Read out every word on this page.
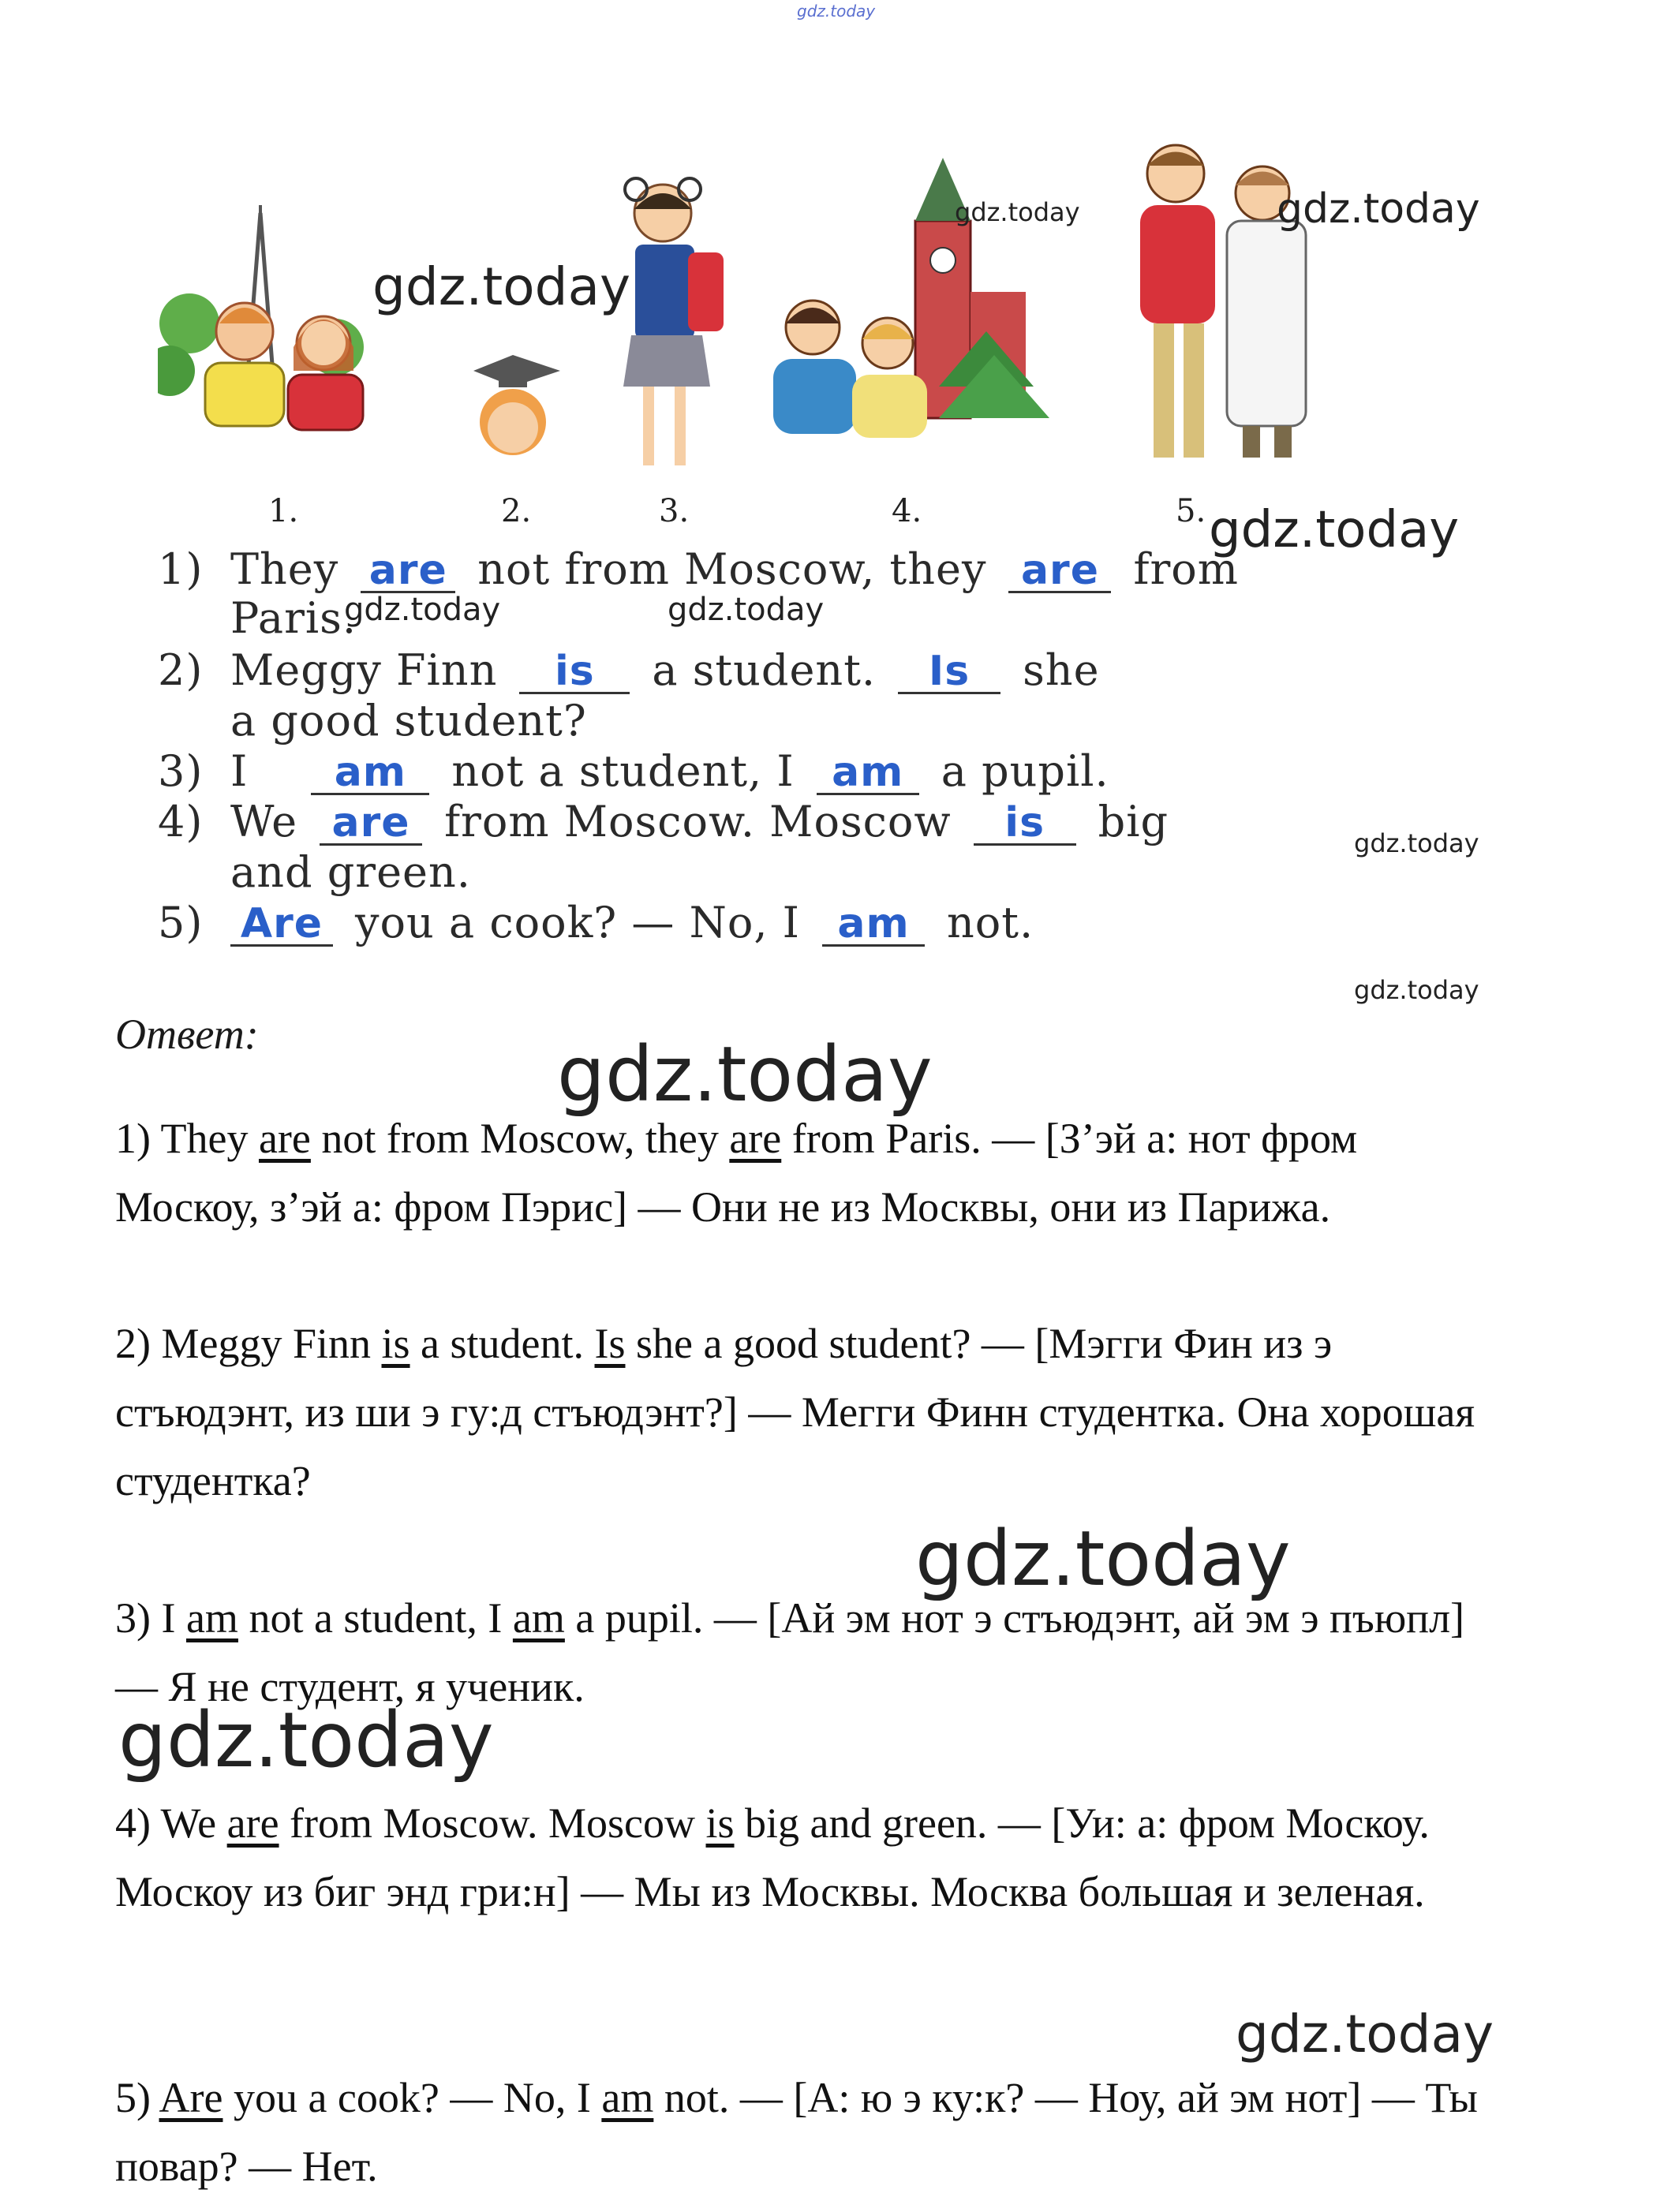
gdz.today
1.	2.	3.	4.	5.
gdz.today
gdz.today	gdz.today
gdz.today
1) They are not from Moscow, they are from
Paris.
gdz.today	gdz.today
2) Meggy Finn is a student. Is she
a good student?
3) I am not a student, I am a pupil.
4) We are from Moscow. Moscow is big
and green.
gdz.today
5) Are you a cook? — No, I am not.
gdz.today
Ответ:	gdz.today
1) They are not from Moscow, they are from Paris. — [З’эй а: нот фром Москоу, з’эй а: фром Пэрис] — Они не из Москвы, они из Парижа.
2) Meggy Finn is a student. Is she a good student? — [Мэгги Фин из э стъюдэнт, из ши э гу:д стъюдэнт?] — Мегги Финн студентка. Она хорошая студентка?
gdz.today
3) I am not a student, I am a pupil. — [Ай эм нот э стъюдэнт, ай эм э пъюпл] — Я не студент, я ученик.
gdz.today
4) We are from Moscow. Moscow is big and green. — [Уи: а: фром Москоу. Москоу из биг энд гри:н] — Мы из Москвы. Москва большая и зеленая.
gdz.today
5) Are you a cook? — No, I am not. — [А: ю э ку:к? — Ноу, ай эм нот] — Ты повар? — Нет.
